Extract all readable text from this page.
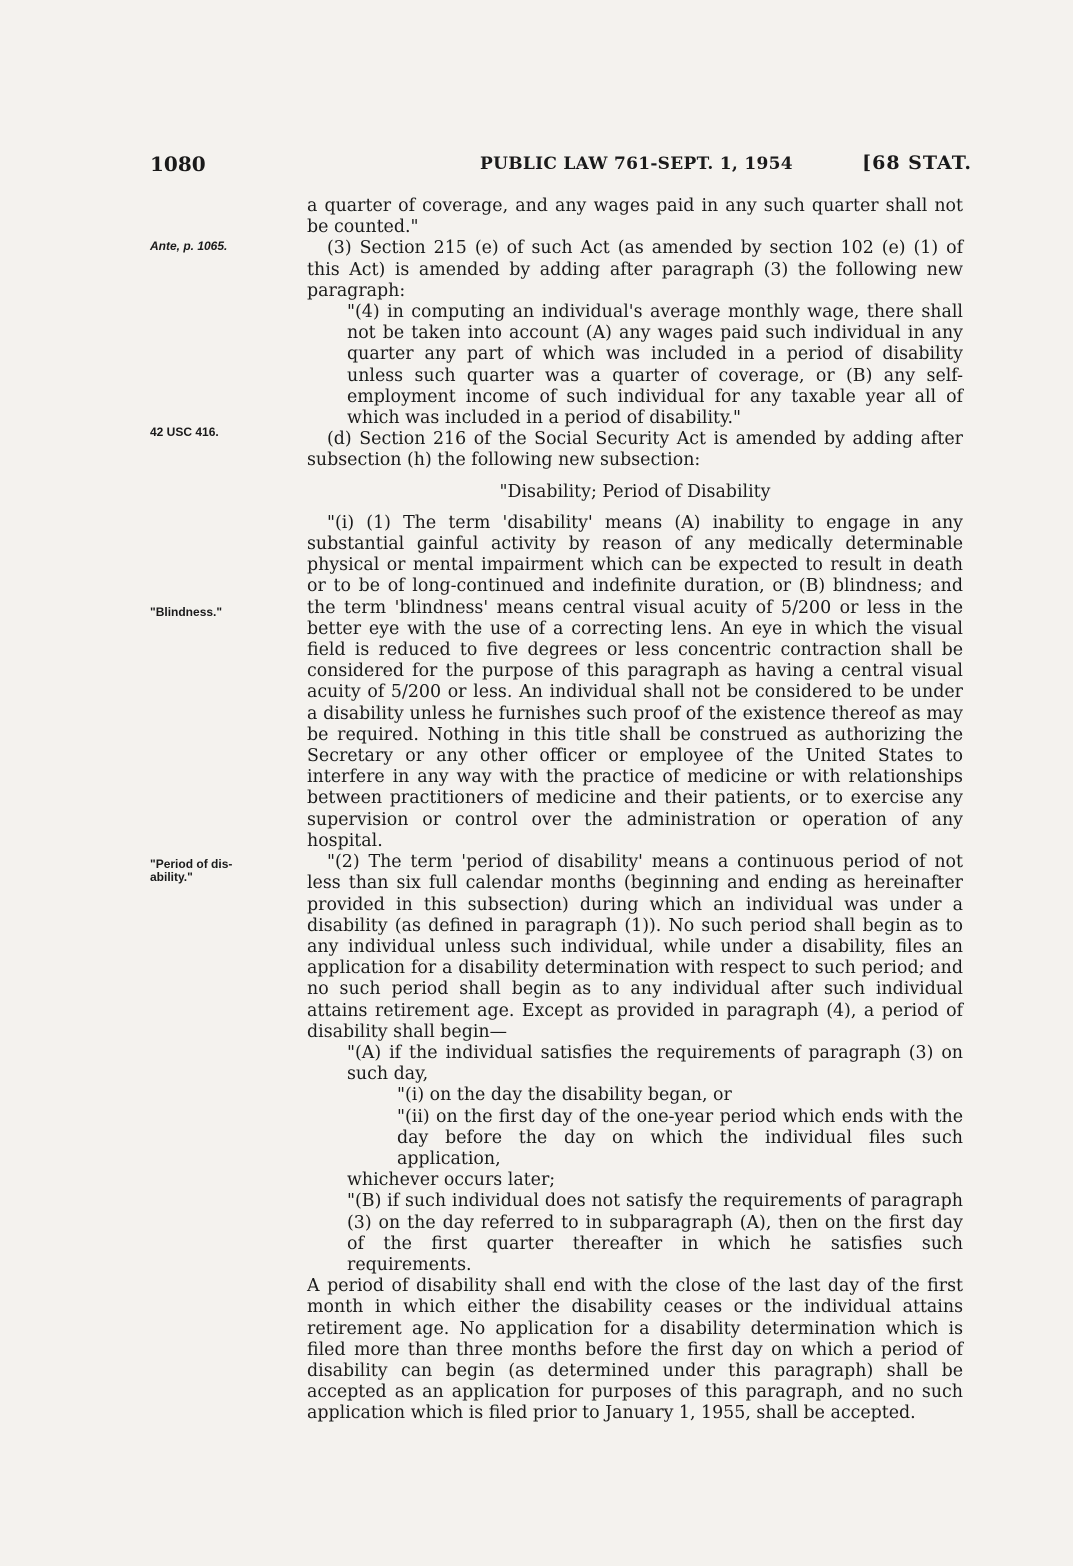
1080	PUBLIC LAW 761-SEPT. 1, 1954	[68 STAT.
Ante, p. 1065.
42 USC 416.
"Blindness."
"Period of dis- ability."

a quarter of coverage, and any wages paid in any such quarter shall not be counted."

(3) Section 215 (e) of such Act (as amended by section 102 (e) (1) of this Act) is amended by adding after paragraph (3) the following new paragraph:

"(4) in computing an individual's average monthly wage, there shall not be taken into account (A) any wages paid such individual in any quarter any part of which was included in a period of disability unless such quarter was a quarter of coverage, or (B) any self-employment income of such individual for any taxable year all of which was included in a period of disability."

(d) Section 216 of the Social Security Act is amended by adding after subsection (h) the following new subsection:

"Disability; Period of Disability

"(i) (1) The term 'disability' means (A) inability to engage in any substantial gainful activity by reason of any medically determinable physical or mental impairment which can be expected to result in death or to be of long-continued and indefinite duration, or (B) blindness; and the term 'blindness' means central visual acuity of 5/200 or less in the better eye with the use of a correcting lens. An eye in which the visual field is reduced to five degrees or less concentric contraction shall be considered for the purpose of this paragraph as having a central visual acuity of 5/200 or less. An individual shall not be considered to be under a disability unless he furnishes such proof of the existence thereof as may be required. Nothing in this title shall be construed as authorizing the Secretary or any other officer or employee of the United States to interfere in any way with the practice of medicine or with relationships between practitioners of medicine and their patients, or to exercise any supervision or control over the administration or operation of any hospital.

"(2) The term 'period of disability' means a continuous period of not less than six full calendar months (beginning and ending as hereinafter provided in this subsection) during which an individual was under a disability (as defined in paragraph (1)). No such period shall begin as to any individual unless such individual, while under a disability, files an application for a disability determination with respect to such period; and no such period shall begin as to any individual after such individual attains retirement age. Except as provided in paragraph (4), a period of disability shall begin—

"(A) if the individual satisfies the requirements of paragraph (3) on such day,

"(i) on the day the disability began, or

"(ii) on the first day of the one-year period which ends with the day before the day on which the individual files such application,

whichever occurs later;

"(B) if such individual does not satisfy the requirements of paragraph (3) on the day referred to in subparagraph (A), then on the first day of the first quarter thereafter in which he satisfies such requirements.

A period of disability shall end with the close of the last day of the first month in which either the disability ceases or the individual attains retirement age. No application for a disability determination which is filed more than three months before the first day on which a period of disability can begin (as determined under this paragraph) shall be accepted as an application for purposes of this paragraph, and no such application which is filed prior to January 1, 1955, shall be accepted.
